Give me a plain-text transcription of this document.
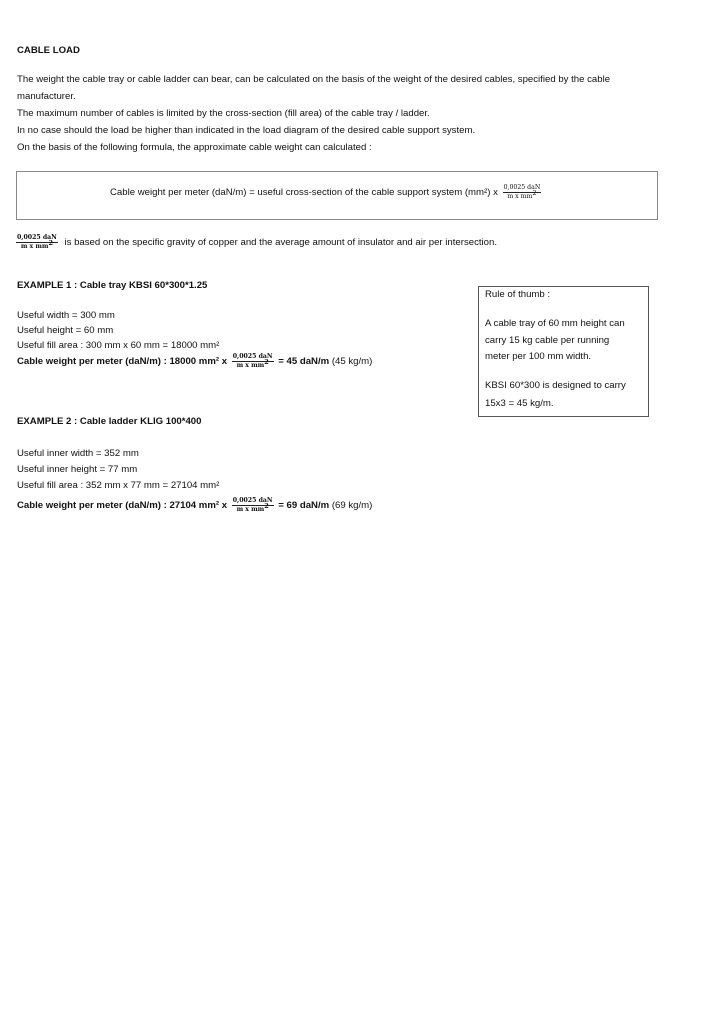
CABLE LOAD
The weight the cable tray or cable ladder can bear, can be calculated on the basis of the weight of the desired cables, specified by the cable
manufacturer.
The maximum number of cables is limited by the cross-section (fill area) of the cable tray / ladder.
In no case should the load be higher than indicated in the load diagram of the desired cable support system.
On the basis of the following formula, the approximate cable weight can calculated :
Cable weight per meter (daN/m) = useful cross-section of the cable support system (mm²) x $\frac{\text{0,0025 daN}}{m x mm^2}$
$\frac{\text{0,0025 daN}}{m x mm^2}$ is based on the specific gravity of copper and the average amount of insulator and air per intersection.
EXAMPLE 1 : Cable tray KBSI 60*300*1.25
Useful width = 300 mm
Useful height = 60 mm
Useful fill area : 300 mm x 60 mm = 18000 mm²
Cable weight per meter (daN/m) : 18000 mm² x $\frac{\text{0,0025 daN}}{m x mm^2} = 45$ daN/m (45 kg/m)
Rule of thumb :
A cable tray of 60 mm height can
carry 15 kg cable per running
meter per 100 mm width.
KBSI 60*300 is designed to carry
15x3 = 45 kg/m.
EXAMPLE 2 : Cable ladder KLIG 100*400
Useful inner width = 352 mm
Useful inner height = 77 mm
Useful fill area : 352 mm x 77 mm = 27104 mm²
Cable weight per meter (daN/m) : 27104 mm² x $\frac{\text{0,0025 daN}}{m x mm^2} = 69$ daN/m (69 kg/m)
